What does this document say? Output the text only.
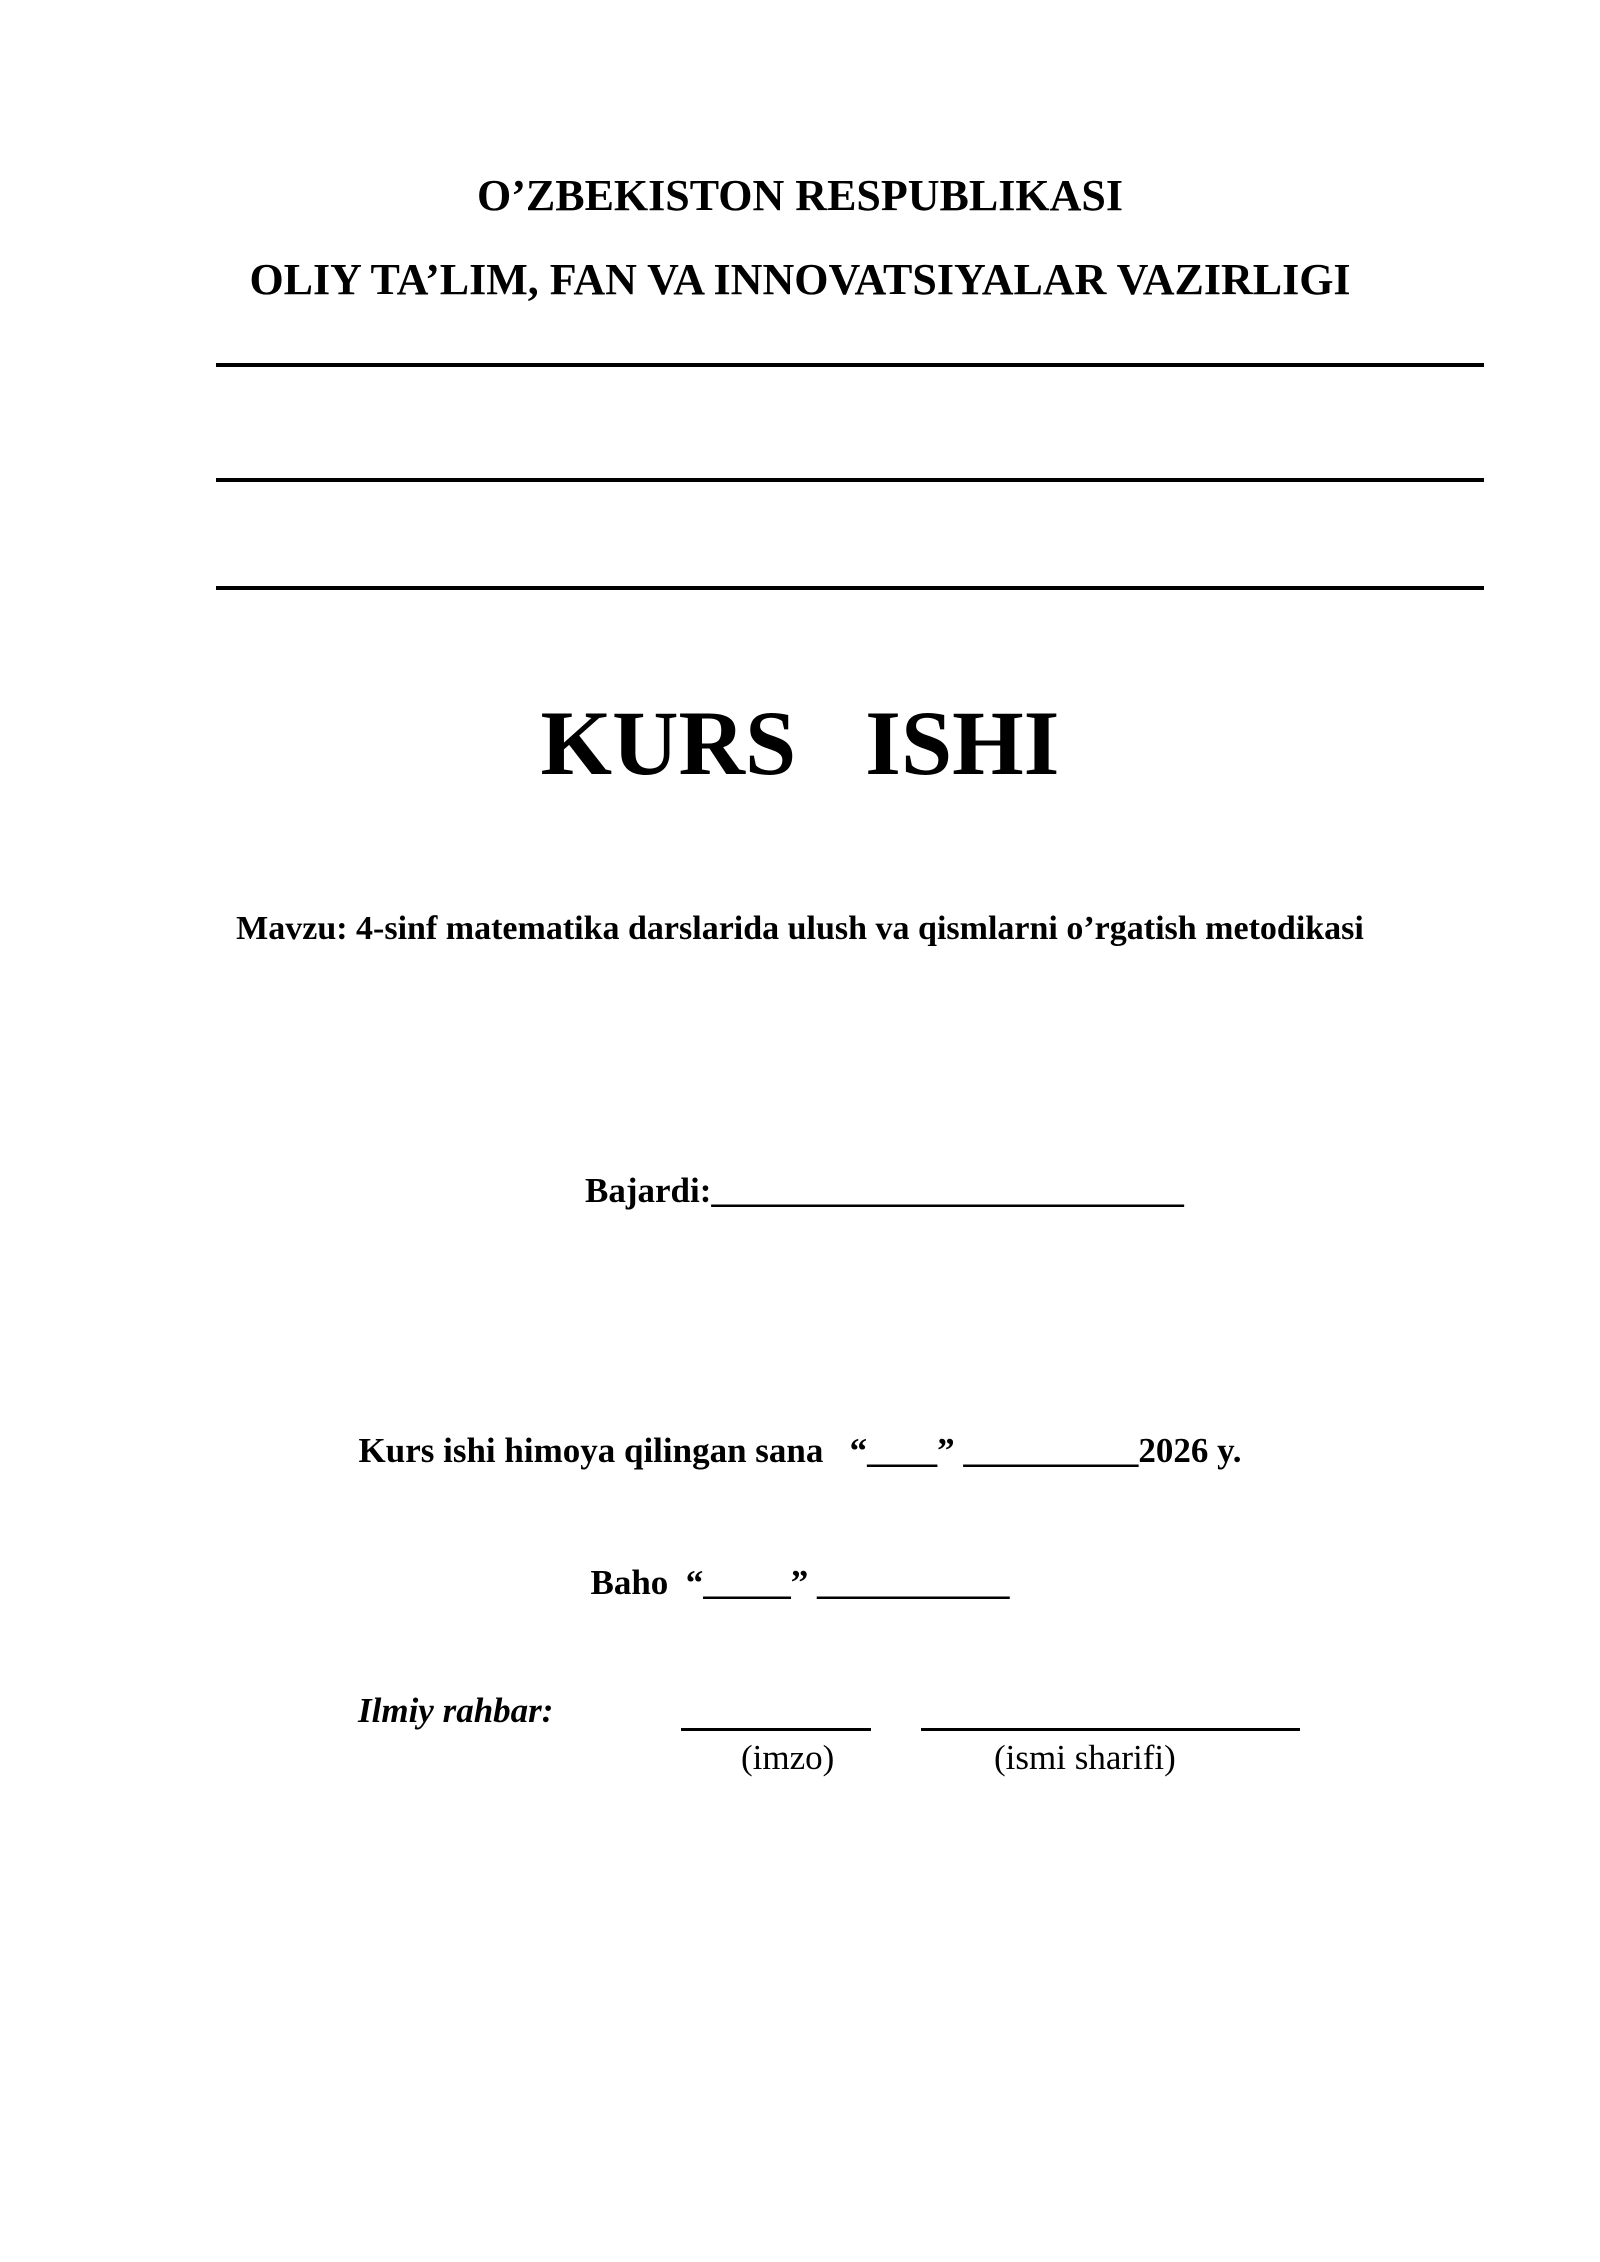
O’ZBEKISTON RESPUBLIKASI
OLIY TA’LIM, FAN VA INNOVATSIYALAR VAZIRLIGI
KURS   ISHI
Mavzu: 4-sinf matematika darslarida ulush va qismlarni o’rgatish metodikasi
Bajardi:___________________________
Kurs ishi himoya qilingan sana   “____” __________2026 y.
Baho  “_____” ___________
Ilmiy rahbar:
(imzo)	(ismi sharifi)
